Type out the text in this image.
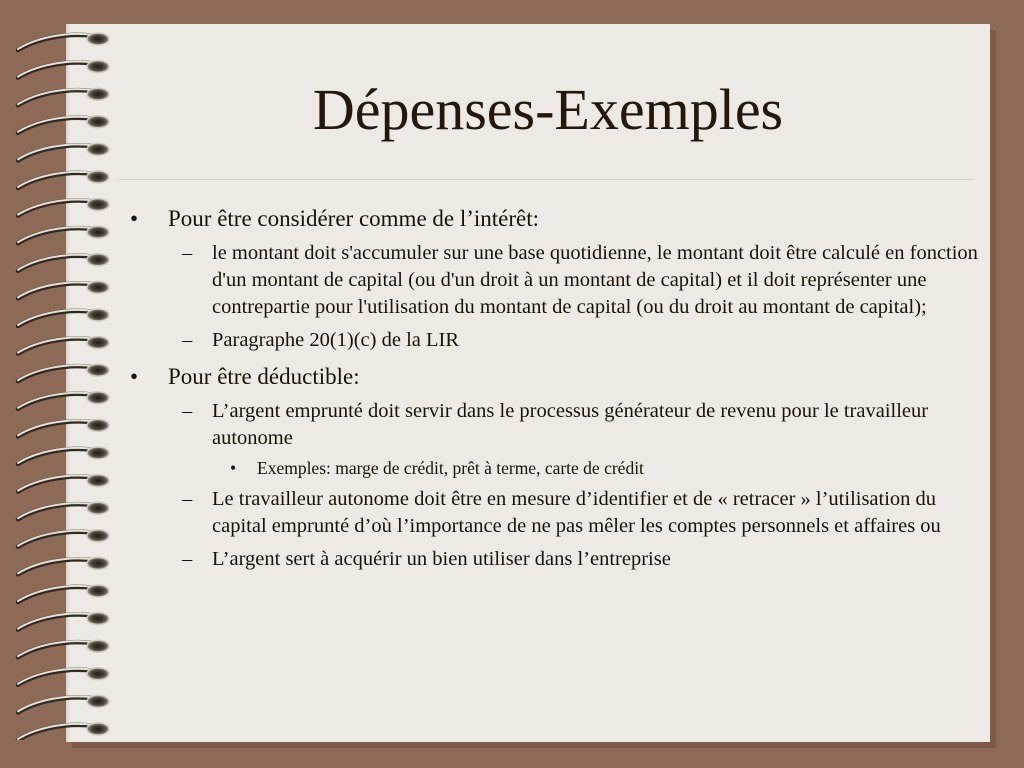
Dépenses-Exemples
• Pour être considérer comme de l’intérêt:
– le montant doit s'accumuler sur une base quotidienne, le montant doit être calculé en fonction d'un montant de capital (ou d'un droit à un montant de capital) et il doit représenter une contrepartie pour l'utilisation du montant de capital (ou du droit au montant de capital);
– Paragraphe 20(1)(c) de la LIR
• Pour être déductible:
– L’argent emprunté doit servir dans le processus générateur de revenu pour le travailleur autonome
• Exemples: marge de crédit, prêt à terme, carte de crédit
– Le travailleur autonome doit être en mesure d’identifier et de « retracer » l’utilisation du capital emprunté d’où l’importance de ne pas mêler les comptes personnels et affaires ou
– L’argent sert à acquérir un bien utiliser dans l’entreprise
